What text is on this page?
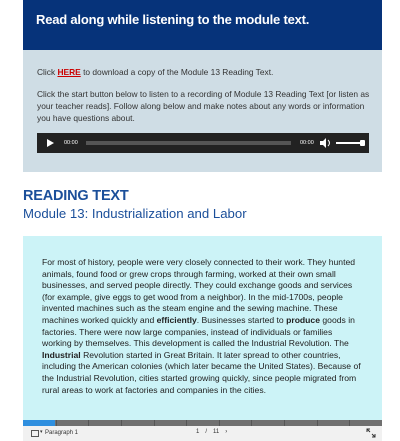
Read along while listening to the module text.
Click HERE to download a copy of the Module 13 Reading Text.
Click the start button below to listen to a recording of Module 13 Reading Text [or listen as your teacher reads]. Follow along below and make notes about any words or information you have questions about.
00:00	00:00
READING TEXT
Module 13: Industrialization and Labor
For most of history, people were very closely connected to their work. They hunted animals, found food or grew crops through farming, worked at their own small businesses, and served people directly. They could exchange goods and services (for example, give eggs to get wood from a neighbor). In the mid-1700s, people invented machines such as the steam engine and the sewing machine. These machines worked quickly and efficiently. Businesses started to produce goods in factories. There were now large companies, instead of individuals or families working by themselves. This development is called the Industrial Revolution. The Industrial Revolution started in Great Britain. It later spread to other countries, including the American colonies (which later became the United States). Because of the Industrial Revolution, cities started growing quickly, since people migrated from rural areas to work at factories and companies in the cities.
▾ Paragraph 1	1 / 11 ›
